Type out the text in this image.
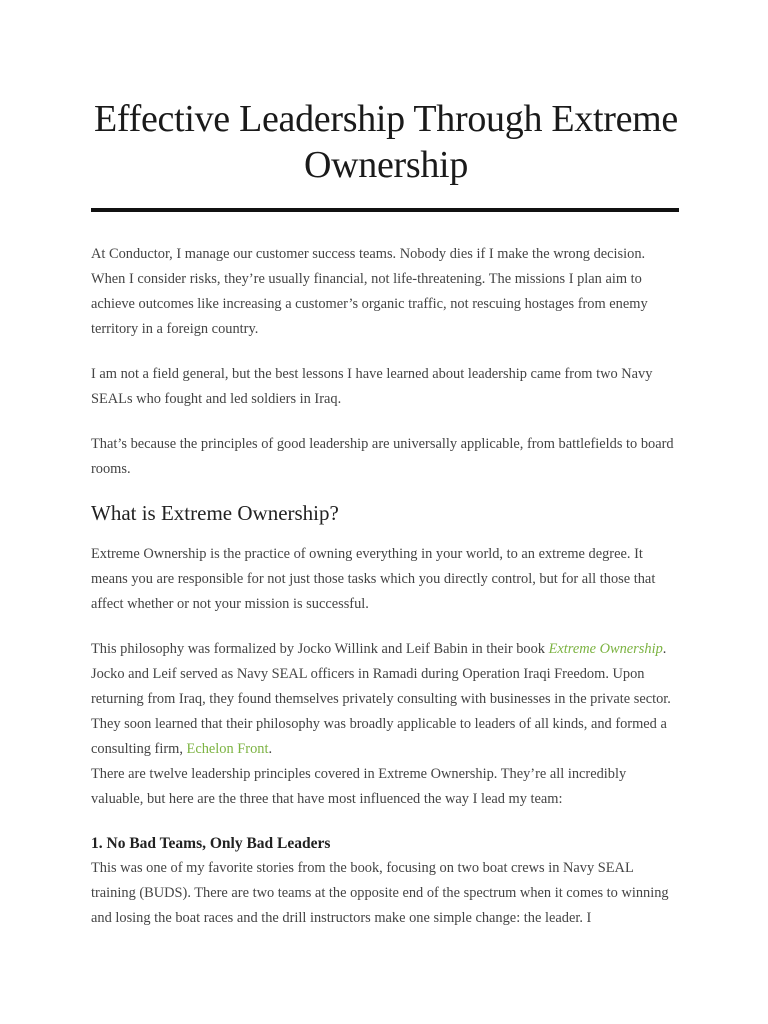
Effective Leadership Through Extreme Ownership

At Conductor, I manage our customer success teams. Nobody dies if I make the wrong decision. When I consider risks, they’re usually financial, not life-threatening. The missions I plan aim to achieve outcomes like increasing a customer’s organic traffic, not rescuing hostages from enemy territory in a foreign country.

I am not a field general, but the best lessons I have learned about leadership came from two Navy SEALs who fought and led soldiers in Iraq.

That’s because the principles of good leadership are universally applicable, from battlefields to board rooms.

What is Extreme Ownership?

Extreme Ownership is the practice of owning everything in your world, to an extreme degree. It means you are responsible for not just those tasks which you directly control, but for all those that affect whether or not your mission is successful.

This philosophy was formalized by Jocko Willink and Leif Babin in their book Extreme Ownership. Jocko and Leif served as Navy SEAL officers in Ramadi during Operation Iraqi Freedom. Upon returning from Iraq, they found themselves privately consulting with businesses in the private sector. They soon learned that their philosophy was broadly applicable to leaders of all kinds, and formed a consulting firm, Echelon Front.

There are twelve leadership principles covered in Extreme Ownership. They’re all incredibly valuable, but here are the three that have most influenced the way I lead my team:

1. No Bad Teams, Only Bad Leaders

This was one of my favorite stories from the book, focusing on two boat crews in Navy SEAL training (BUDS). There are two teams at the opposite end of the spectrum when it comes to winning and losing the boat races and the drill instructors make one simple change: the leader. I
